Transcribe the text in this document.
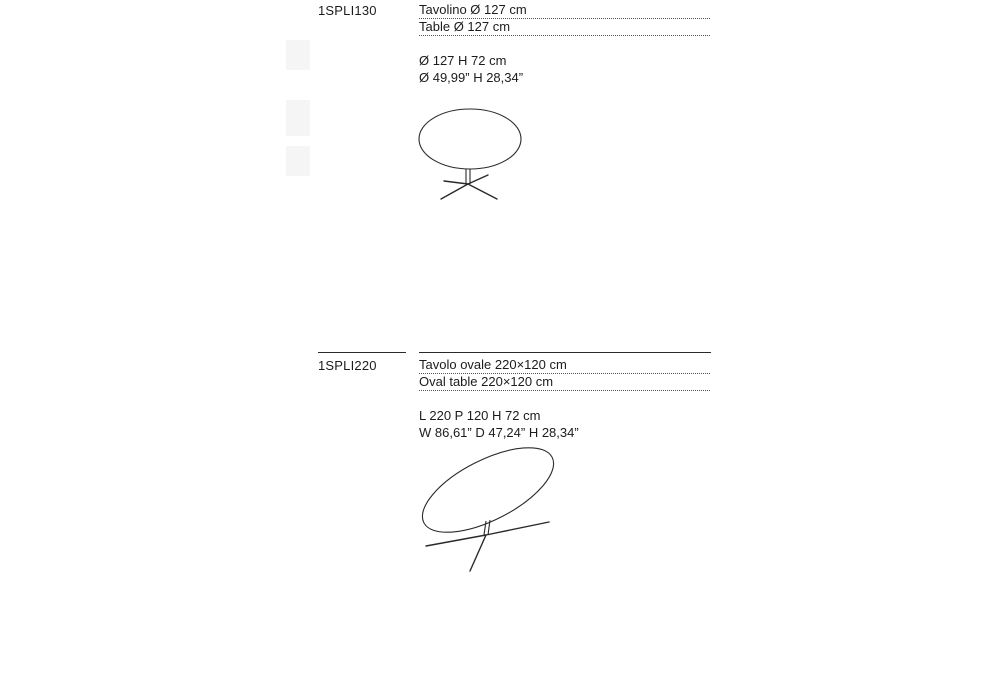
1SPLI130	Tavolino Ø 127 cm
Table Ø 127 cm
Ø 127 H 72 cm
Ø 49,99” H 28,34”
1SPLI220	Tavolo ovale 220×120 cm
Oval table 220×120 cm
L 220 P 120 H 72 cm
W 86,61” D 47,24” H 28,34”
